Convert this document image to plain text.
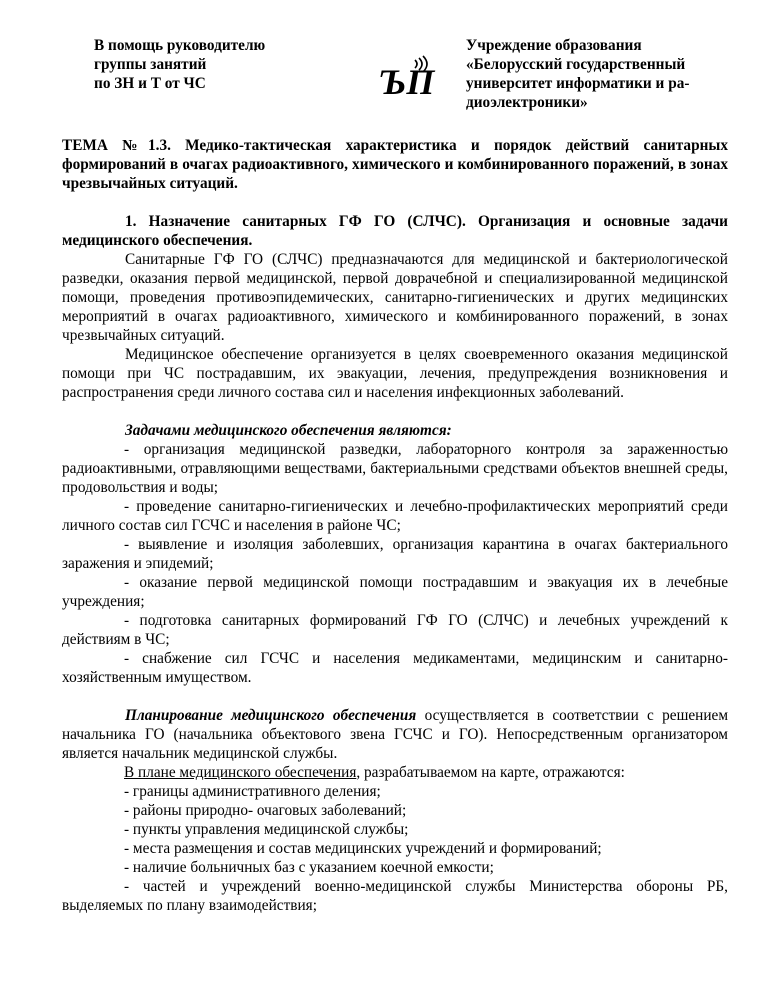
В помощь руководителю
группы занятий
по ЗН и Т от ЧС	ЪП
Учреждение образования
«Белорусский государственный
университет информатики и ра-
диоэлектроники»

ТЕМА №1.3. Медико-тактическая характеристика и порядок действий санитарных формирований в очагах радиоактивного, химического и комбинированного поражений, в зонах чрезвычайных ситуаций.

1. Назначение санитарных ГФ ГО (СЛЧС). Организация и основные задачи медицинского обеспечения.

Санитарные ГФ ГО (СЛЧС) предназначаются для медицинской и бактериологической разведки, оказания первой медицинской, первой доврачебной и специализированной медицинской помощи, проведения противоэпидемических, санитарно-гигиенических и других медицинских мероприятий в очагах радиоактивного, химического и комбинированного поражений, в зонах чрезвычайных ситуаций.

Медицинское обеспечение организуется в целях своевременного оказания медицинской помощи при ЧС пострадавшим, их эвакуации, лечения, предупреждения возникновения и распространения среди личного состава сил и населения инфекционных заболеваний.

Задачами медицинского обеспечения являются:

- организация медицинской разведки, лабораторного контроля за зараженностью радиоактивными, отравляющими веществами, бактериальными средствами объектов внешней среды, продовольствия и воды;

- проведение санитарно-гигиенических и лечебно-профилактических мероприятий среди личного состав сил ГСЧС и населения в районе ЧС;

- выявление и изоляция заболевших, организация карантина в очагах бактериального заражения и эпидемий;

- оказание первой медицинской помощи пострадавшим и эвакуация их в лечебные учреждения;

- подготовка санитарных формирований ГФ ГО (СЛЧС) и лечебных учреждений к действиям в ЧС;

- снабжение сил ГСЧС и населения медикаментами, медицинским и санитарно-хозяйственным имуществом.

Планирование медицинского обеспечения осуществляется в соответствии с решением начальника ГО (начальника объектового звена ГСЧС и ГО). Непосредственным организатором является начальник медицинской службы.

В плане медицинского обеспечения, разрабатываемом на карте, отражаются:

- границы административного деления;

- районы природно- очаговых заболеваний;

- пункты управления медицинской службы;

- места размещения и состав медицинских учреждений и формирований;

- наличие больничных баз с указанием коечной емкости;

- частей и учреждений военно-медицинской службы Министерства обороны РБ, выделяемых по плану взаимодействия;
